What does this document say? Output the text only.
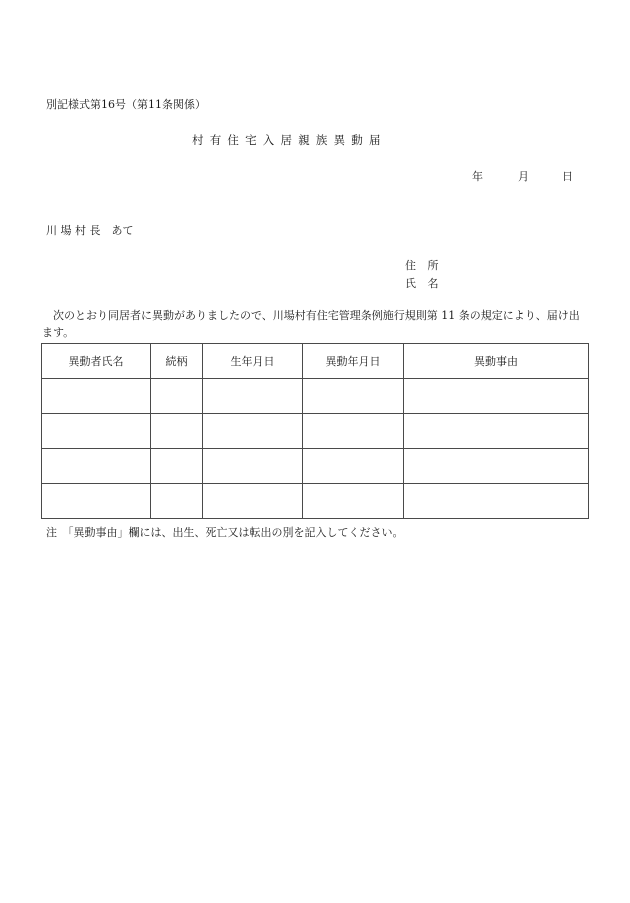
別記様式第16号（第11条関係）
村有住宅入居親族異動届
年	月	日
川 場 村 長　あて
住 所
氏 名
次のとおり同居者に異動がありましたので、川場村有住宅管理条例施行規則第 11 条の規定により、届け出ます。
異動者氏名	続柄	生年月日	異動年月日	異動事由

注　「異動事由」欄には、出生、死亡又は転出の別を記入してください。
